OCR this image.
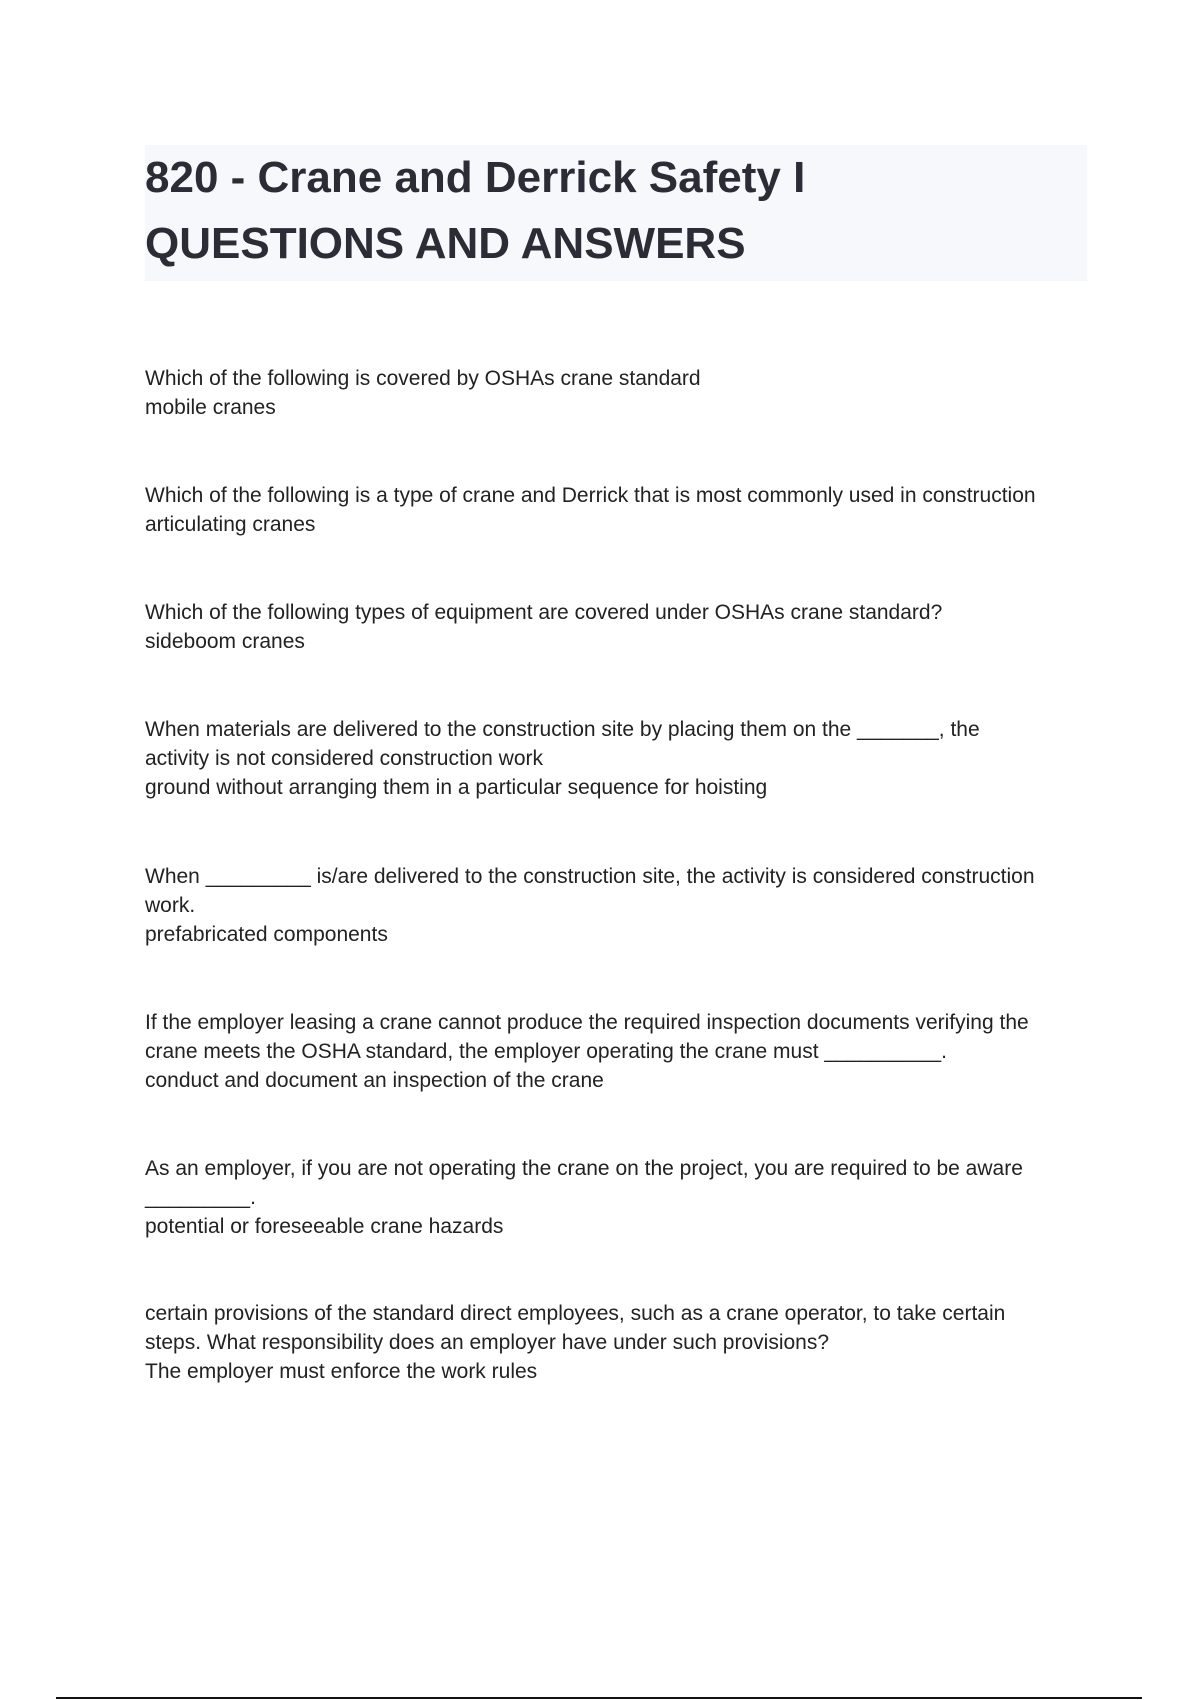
820 - Crane and Derrick Safety I

QUESTIONS AND ANSWERS

Which of the following is covered by OSHAs crane standard

mobile cranes

Which of the following is a type of crane and Derrick that is most commonly used in construction

articulating cranes

Which of the following types of equipment are covered under OSHAs crane standard?

sideboom cranes

When materials are delivered to the construction site by placing them on the _______, the

activity is not considered construction work

ground without arranging them in a particular sequence for hoisting

When _________ is/are delivered to the construction site, the activity is considered construction

work.

prefabricated components

If the employer leasing a crane cannot produce the required inspection documents verifying the

crane meets the OSHA standard, the employer operating the crane must __________.

conduct and document an inspection of the crane

As an employer, if you are not operating the crane on the project, you are required to be aware

_________.

potential or foreseeable crane hazards

certain provisions of the standard direct employees, such as a crane operator, to take certain

steps. What responsibility does an employer have under such provisions?

The employer must enforce the work rules
